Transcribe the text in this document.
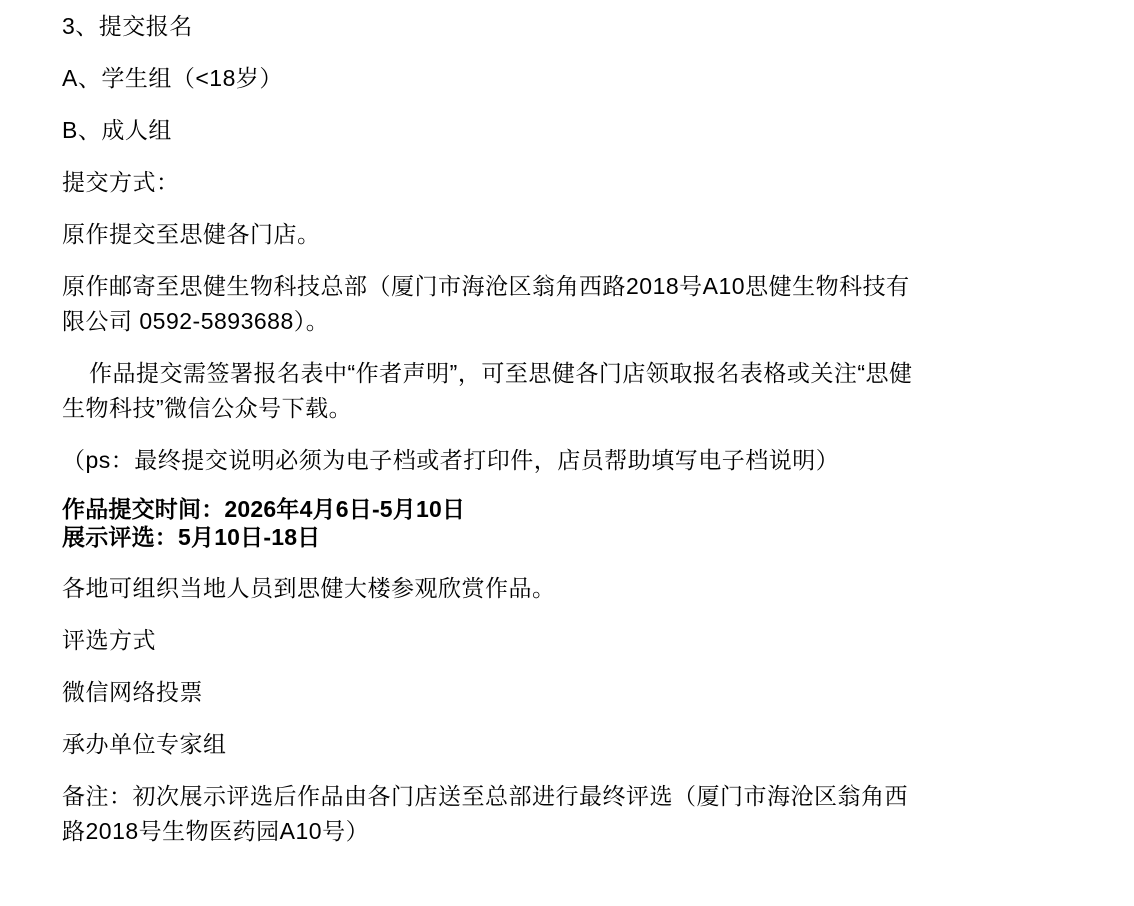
3、提交报名

A、学生组（<18岁）

B、成人组

提交方式：

原作提交至思健各门店。

原作邮寄至思健生物科技总部（厦门市海沧区翁角西路2018号A10思健生物科技有
限公司 0592-5893688）。

作品提交需签署报名表中“作者声明”，可至思健各门店领取报名表格或关注“思健
生物科技”微信公众号下载。

（ps：最终提交说明必须为电子档或者打印件，店员帮助填写电子档说明）

作品提交时间：2026年4月6日-5月10日
展示评选：5月10日-18日

各地可组织当地人员到思健大楼参观欣赏作品。

评选方式

微信网络投票

承办单位专家组

备注：初次展示评选后作品由各门店送至总部进行最终评选（厦门市海沧区翁角西
路2018号生物医药园A10号）
